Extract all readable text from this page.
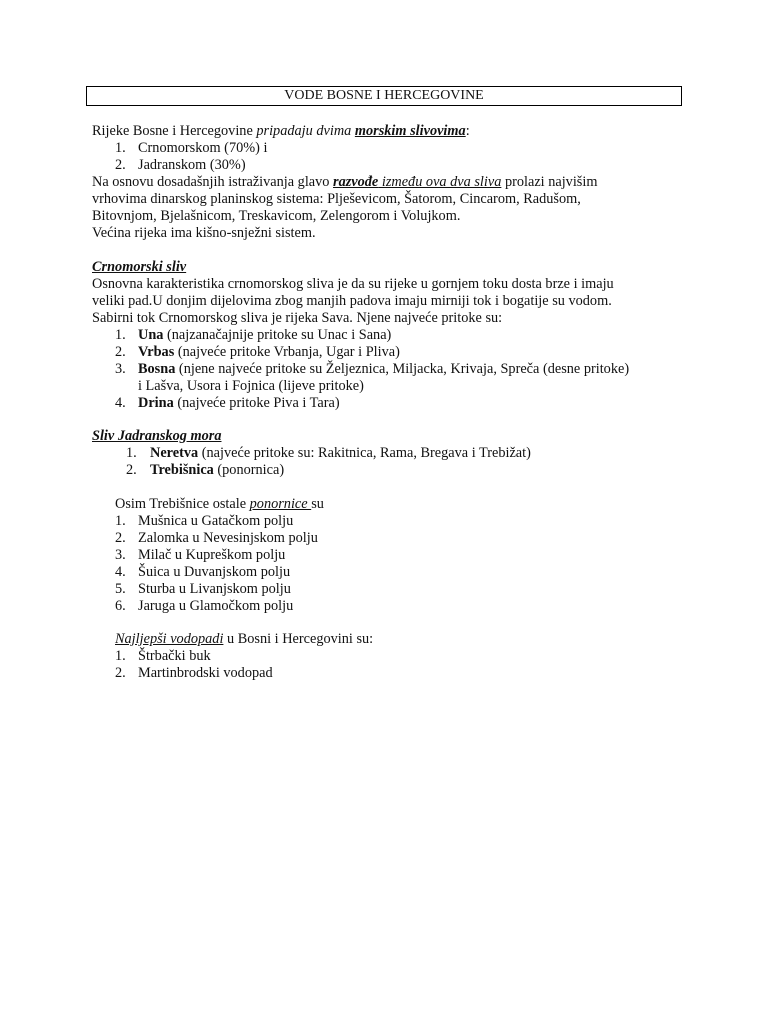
VODE BOSNE I HERCEGOVINE
Rijeke Bosne i Hercegovine pripadaju dvima morskim slivovima:
1. Crnomorskom (70%) i
2. Jadranskom (30%)
Na osnovu dosadašnjih istraživanja glavo razvođe između ova dva sliva prolazi najvišim
vrhovima dinarskog planinskog sistema: Plješevicom, Šatorom, Cincarom, Radušom,
Bitovnjom, Bjelašnicom, Treskavicom, Zelengorom i Volujkom.
Većina rijeka ima kišno-snježni sistem.
Crnomorski sliv
Osnovna karakteristika crnomorskog sliva je da su rijeke u gornjem toku dosta brze i imaju
veliki pad.U donjim dijelovima zbog manjih padova imaju mirniji tok i bogatije su vodom.
Sabirni tok Crnomorskog sliva je rijeka Sava. Njene najveće pritoke su:
1. Una (najzanačajnije pritoke su Unac i Sana)
2. Vrbas (najveće pritoke Vrbanja, Ugar i Pliva)
3. Bosna (njene najveće pritoke su Željeznica, Miljacka, Krivaja, Spreča (desne pritoke)
i Lašva, Usora i Fojnica (lijeve pritoke)
4. Drina (najveće pritoke Piva i Tara)
Sliv Jadranskog mora
1. Neretva (najveće pritoke su: Rakitnica, Rama, Bregava i Trebižat)
2. Trebišnica (ponornica)
Osim Trebišnice ostale ponornice su
1. Mušnica u Gatačkom polju
2. Zalomka u Nevesinjskom polju
3. Milač u Kupreškom polju
4. Šuica u Duvanjskom polju
5. Sturba u Livanjskom polju
6. Jaruga u Glamočkom polju
Najljepši vodopadi u Bosni i Hercegovini su:
1. Štrbački buk
2. Martinbrodski vodopad
